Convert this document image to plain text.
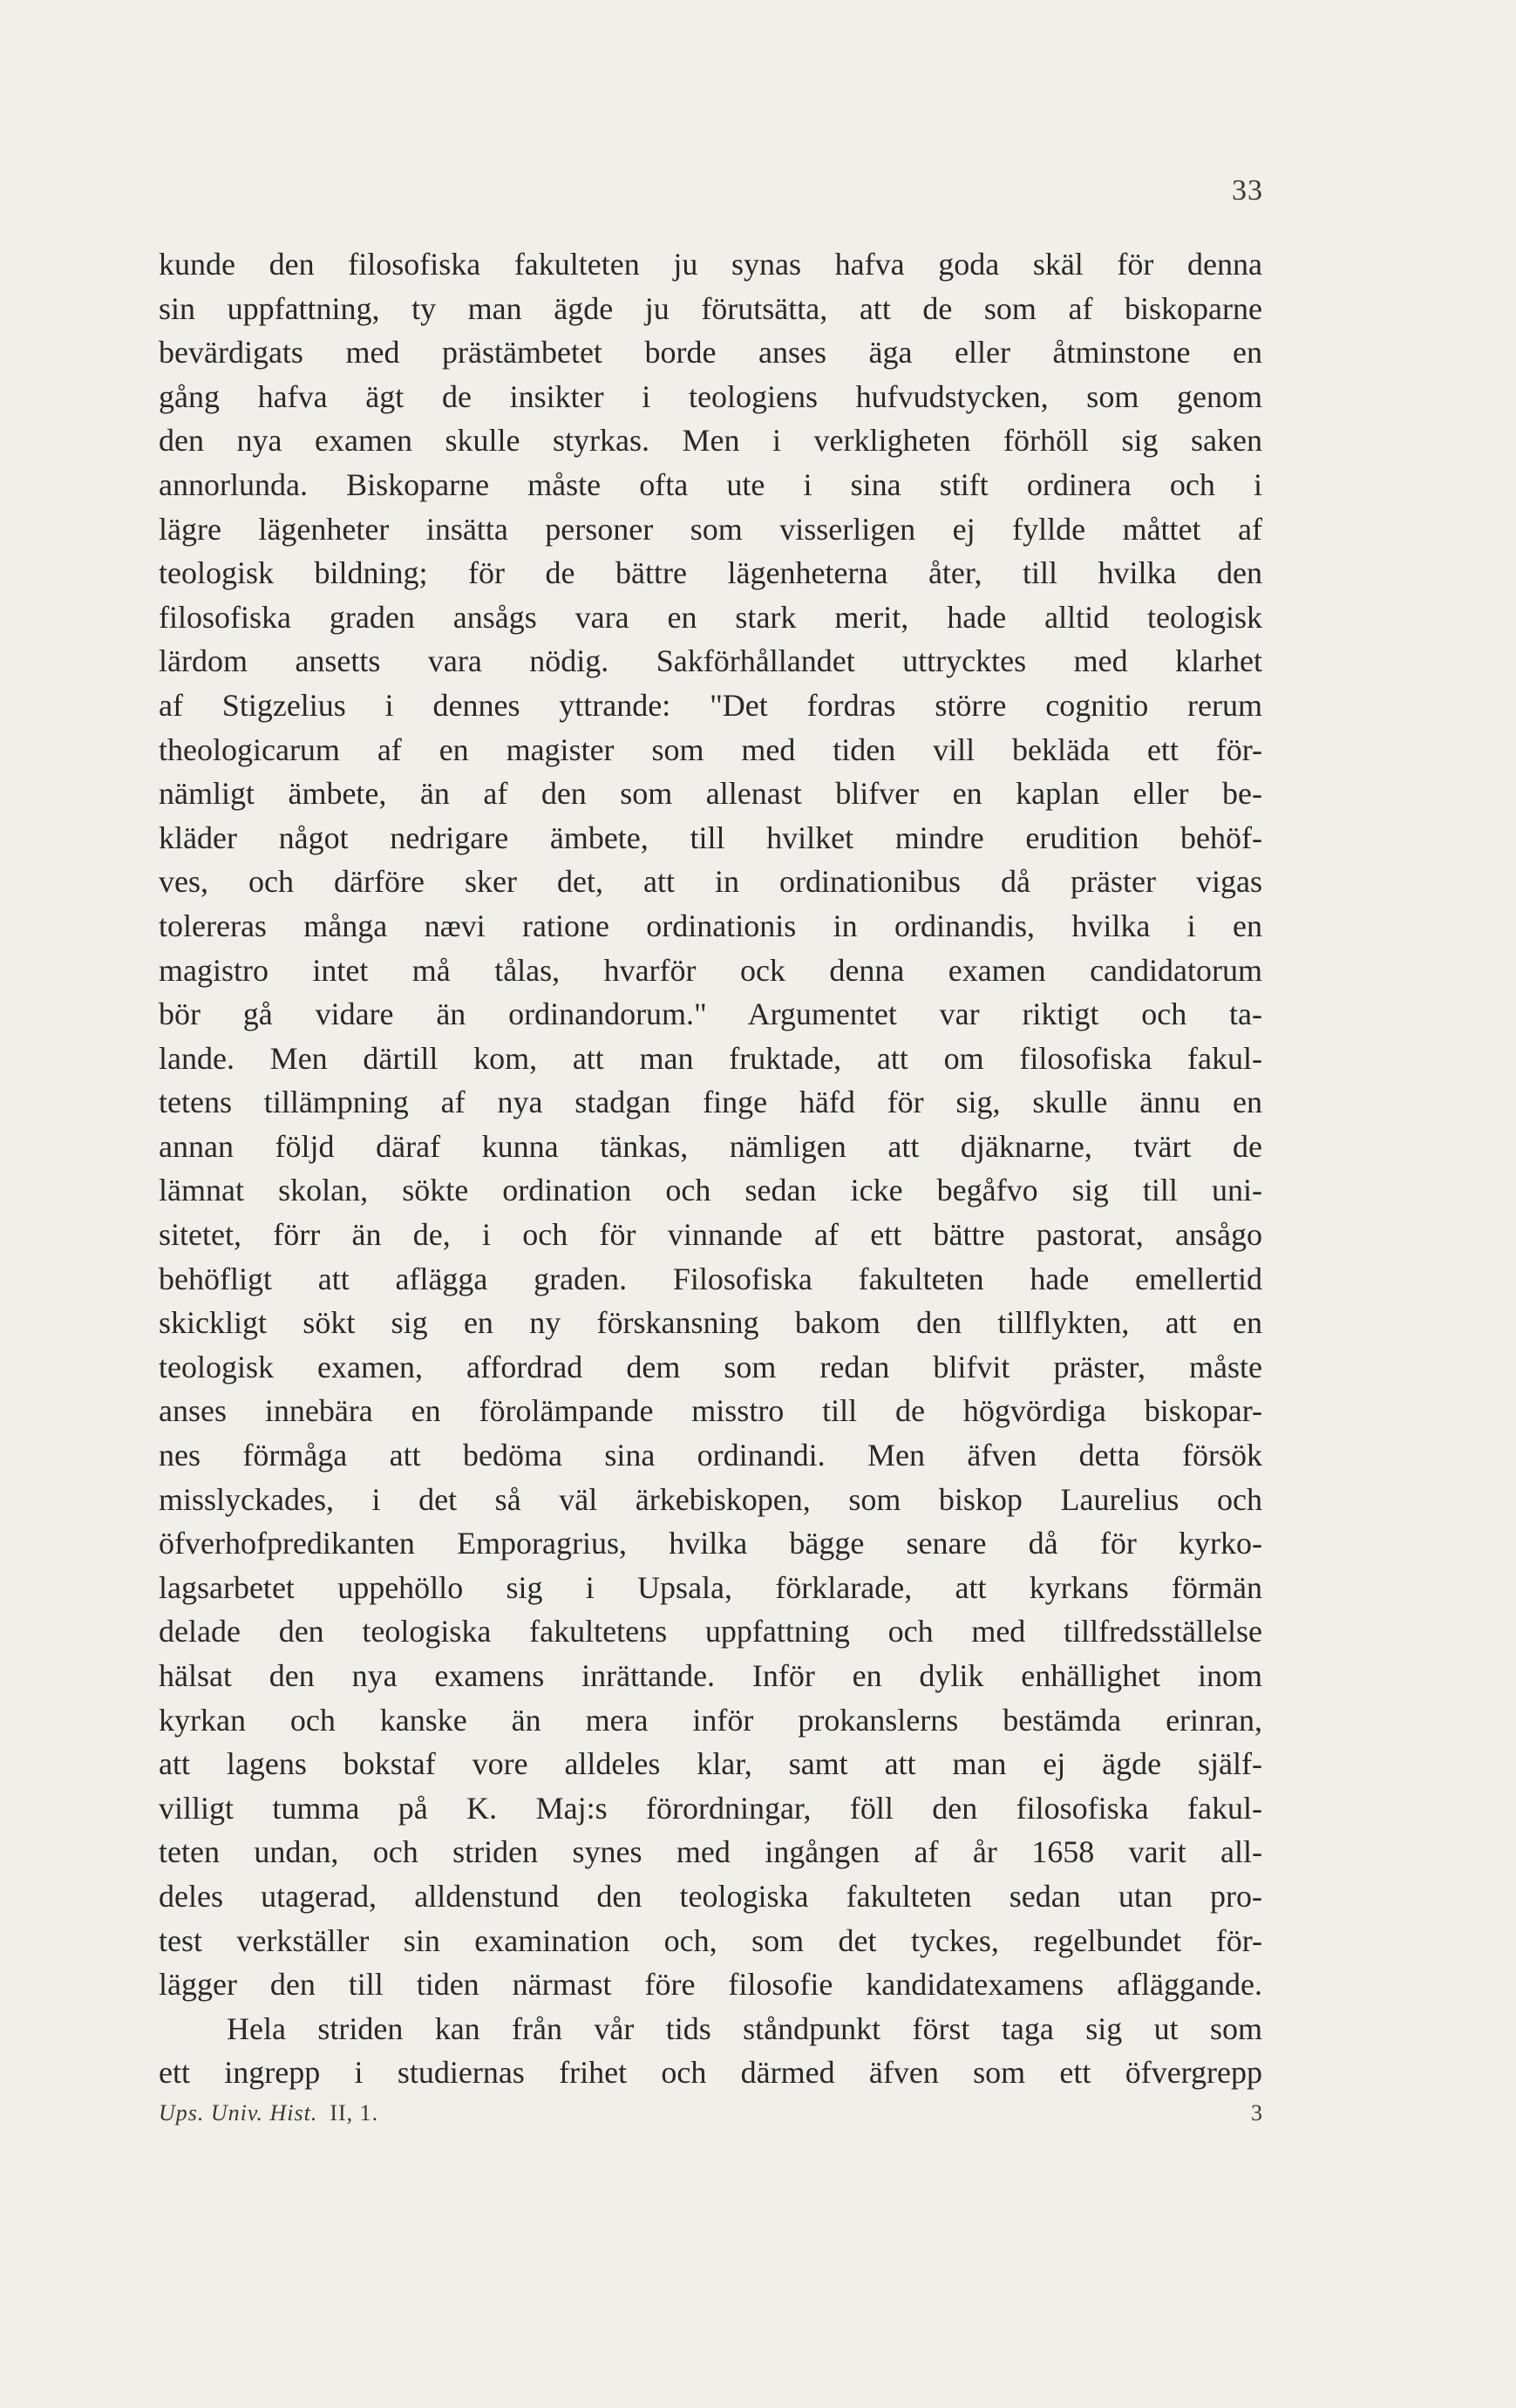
33
kunde den filosofiska fakulteten ju synas hafva goda skäl för denna
sin uppfattning, ty man ägde ju förutsätta, att de som af biskoparne
bevärdigats med prästämbetet borde anses äga eller åtminstone en
gång hafva ägt de insikter i teologiens hufvudstycken, som genom
den nya examen skulle styrkas. Men i verkligheten förhöll sig saken
annorlunda. Biskoparne måste ofta ute i sina stift ordinera och i
lägre lägenheter insätta personer som visserligen ej fyllde måttet af
teologisk bildning; för de bättre lägenheterna åter, till hvilka den
filosofiska graden ansågs vara en stark merit, hade alltid teologisk
lärdom ansetts vara nödig. Sakförhållandet uttrycktes med klarhet
af Stigzelius i dennes yttrande: "Det fordras större cognitio rerum
theologicarum af en magister som med tiden vill bekläda ett för-
nämligt ämbete, än af den som allenast blifver en kaplan eller be-
kläder något nedrigare ämbete, till hvilket mindre erudition behöf-
ves, och därföre sker det, att in ordinationibus då präster vigas
tolereras många nævi ratione ordinationis in ordinandis, hvilka i en
magistro intet må tålas, hvarför ock denna examen candidatorum
bör gå vidare än ordinandorum." Argumentet var riktigt och ta-
lande. Men därtill kom, att man fruktade, att om filosofiska fakul-
tetens tillämpning af nya stadgan finge häfd för sig, skulle ännu en
annan följd däraf kunna tänkas, nämligen att djäknarne, tvärt de
lämnat skolan, sökte ordination och sedan icke begåfvo sig till uni-
sitetet, förr än de, i och för vinnande af ett bättre pastorat, ansågo
behöfligt att aflägga graden. Filosofiska fakulteten hade emellertid
skickligt sökt sig en ny förskansning bakom den tillflykten, att en
teologisk examen, affordrad dem som redan blifvit präster, måste
anses innebära en förolämpande misstro till de högvördiga biskopar-
nes förmåga att bedöma sina ordinandi. Men äfven detta försök
misslyckades, i det så väl ärkebiskopen, som biskop Laurelius och
öfverhofpredikanten Emporagrius, hvilka bägge senare då för kyrko-
lagsarbetet uppehöllo sig i Upsala, förklarade, att kyrkans förmän
delade den teologiska fakultetens uppfattning och med tillfredsställelse
hälsat den nya examens inrättande. Inför en dylik enhällighet inom
kyrkan och kanske än mera inför prokanslerns bestämda erinran,
att lagens bokstaf vore alldeles klar, samt att man ej ägde själf-
villigt tumma på K. Maj:s förordningar, föll den filosofiska fakul-
teten undan, och striden synes med ingången af år 1658 varit all-
deles utagerad, alldenstund den teologiska fakulteten sedan utan pro-
test verkställer sin examination och, som det tyckes, regelbundet för-
lägger den till tiden närmast före filosofie kandidatexamens afläggande.
Hela striden kan från vår tids ståndpunkt först taga sig ut som
ett ingrepp i studiernas frihet och därmed äfven som ett öfvergrepp
Ups. Univ. Hist. II, 1.	3
